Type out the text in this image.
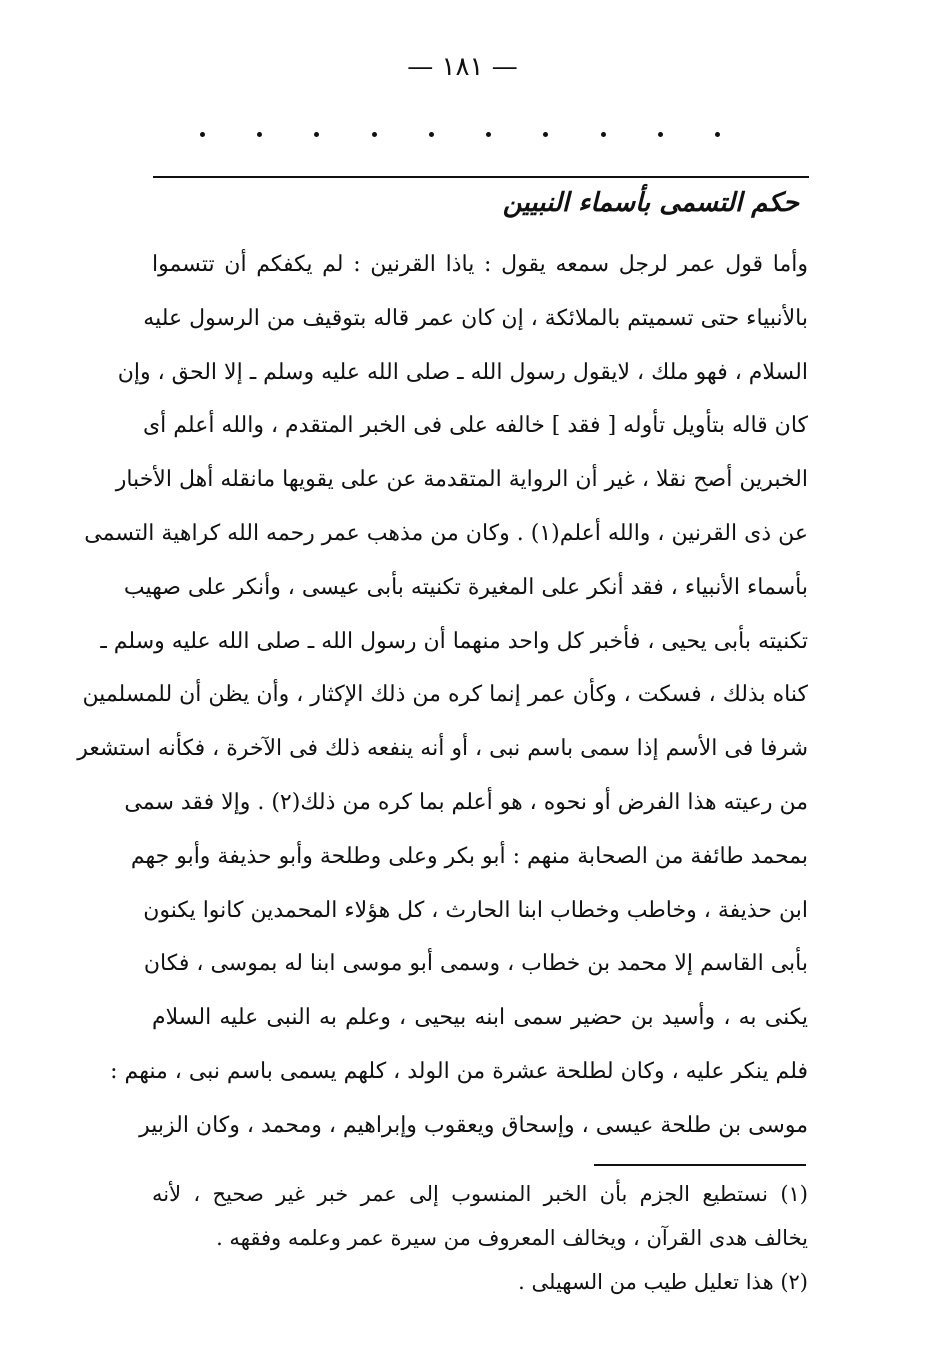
— ١٨١ —
حكم التسمى بأسماء النبيين
وأما قول عمر لرجل سمعه يقول : ياذا القرنين : لم يكفكم أن تتسموا
بالأنبياء حتى تسميتم بالملائكة ، إن كان عمر قاله بتوقيف من الرسول عليه
السلام ، فهو ملك ، لايقول رسول الله ـ صلى الله عليه وسلم ـ إلا الحق ، وإن
كان قاله بتأويل تأوله [ فقد ] خالفه على فى الخبر المتقدم ، والله أعلم أى
الخبرين أصح نقلا ، غير أن الرواية المتقدمة عن على يقويها مانقله أهل الأخبار
عن ذى القرنين ، والله أعلم(١) . وكان من مذهب عمر رحمه الله كراهية التسمى
بأسماء الأنبياء ، فقد أنكر على المغيرة تكنيته بأبى عيسى ، وأنكر على صهيب
تكنيته بأبى يحيى ، فأخبر كل واحد منهما أن رسول الله ـ صلى الله عليه وسلم ـ
كناه بذلك ، فسكت ، وكأن عمر إنما كره من ذلك الإكثار ، وأن يظن أن للمسلمين
شرفا فى الأسم إذا سمى باسم نبى ، أو أنه ينفعه ذلك فى الآخرة ، فكأنه استشعر
من رعيته هذا الفرض أو نحوه ، هو أعلم بما كره من ذلك(٢) . وإلا فقد سمى
بمحمد طائفة من الصحابة منهم : أبو بكر وعلى وطلحة وأبو حذيفة وأبو جهم
ابن حذيفة ، وخاطب وخطاب ابنا الحارث ، كل هؤلاء المحمدين كانوا يكنون
بأبى القاسم إلا محمد بن خطاب ، وسمى أبو موسى ابنا له بموسى ، فكان
يكنى به ، وأسيد بن حضير سمى ابنه بيحيى ، وعلم به النبى عليه السلام
فلم ينكر عليه ، وكان لطلحة عشرة من الولد ، كلهم يسمى باسم نبى ، منهم :
موسى بن طلحة عيسى ، وإسحاق ويعقوب وإبراهيم ، ومحمد ، وكان الزبير
(١) نستطيع الجزم بأن الخبر المنسوب إلى عمر خبر غير صحيح ، لأنه
يخالف هدى القرآن ، ويخالف المعروف من سيرة عمر وعلمه وفقهه .
(٢) هذا تعليل طيب من السهيلى .
